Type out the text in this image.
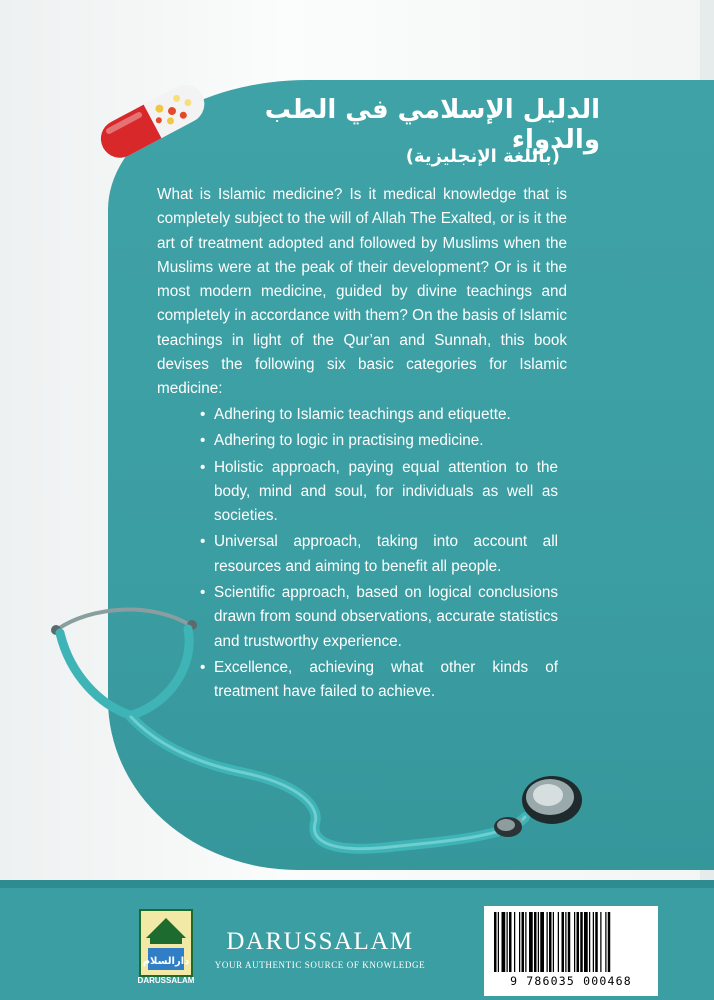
الدليل الإسلامي في الطب والدواء
(باللغة الإنجليزية)

What is Islamic medicine? Is it medical knowledge that is completely subject to the will of Allah The Exalted, or is it the art of treatment adopted and followed by Muslims when the Muslims were at the peak of their development? Or is it the most modern medicine, guided by divine teachings and completely in accordance with them? On the basis of Islamic teachings in light of the Qur’an and Sunnah, this book devises the following six basic categories for Islamic medicine:

• Adhering to Islamic teachings and etiquette.
• Adhering to logic in practising medicine.
• Holistic approach, paying equal attention to the body, mind and soul, for individuals as well as societies.
• Universal approach, taking into account all resources and aiming to benefit all people.
• Scientific approach, based on logical conclusions drawn from sound observations, accurate statistics and trustworthy experience.
• Excellence, achieving what other kinds of treatment have failed to achieve.
دارالسلام
DARUSSALAM
DARUSSALAM
YOUR AUTHENTIC SOURCE OF KNOWLEDGE
9 786035 000468
